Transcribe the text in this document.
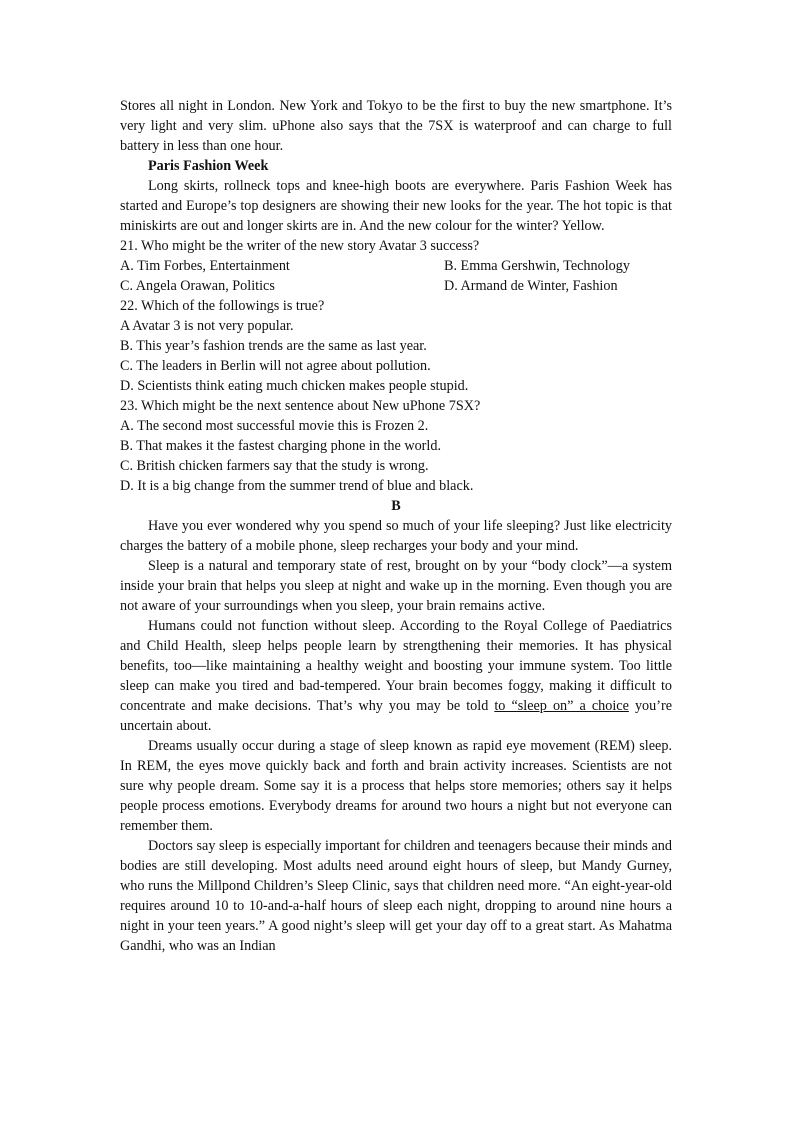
Stores all night in London. New York and Tokyo to be the first to buy the new smartphone. It’s very light and very slim. uPhone also says that the 7SX is waterproof and can charge to full battery in less than one hour.

Paris Fashion Week

Long skirts, rollneck tops and knee-high boots are everywhere. Paris Fashion Week has started and Europe’s top designers are showing their new looks for the year. The hot topic is that miniskirts are out and longer skirts are in. And the new colour for the winter? Yellow.

21. Who might be the writer of the new story Avatar 3 success?
A. Tim Forbes, Entertainment	B. Emma Gershwin, Technology
C. Angela Orawan, Politics	D. Armand de Winter, Fashion
22. Which of the followings is true?
A Avatar 3 is not very popular.
B. This year’s fashion trends are the same as last year.
C. The leaders in Berlin will not agree about pollution.
D. Scientists think eating much chicken makes people stupid.
23. Which might be the next sentence about New uPhone 7SX?
A. The second most successful movie this is Frozen 2.
B. That makes it the fastest charging phone in the world.
C. British chicken farmers say that the study is wrong.
D. It is a big change from the summer trend of blue and black.
B

Have you ever wondered why you spend so much of your life sleeping? Just like electricity charges the battery of a mobile phone, sleep recharges your body and your mind.

Sleep is a natural and temporary state of rest, brought on by your “body clock”—a system inside your brain that helps you sleep at night and wake up in the morning. Even though you are not aware of your surroundings when you sleep, your brain remains active.

Humans could not function without sleep. According to the Royal College of Paediatrics and Child Health, sleep helps people learn by strengthening their memories. It has physical benefits, too—like maintaining a healthy weight and boosting your immune system. Too little sleep can make you tired and bad-tempered. Your brain becomes foggy, making it difficult to concentrate and make decisions. That’s why you may be told to “sleep on” a choice you’re uncertain about.

Dreams usually occur during a stage of sleep known as rapid eye movement (REM) sleep. In REM, the eyes move quickly back and forth and brain activity increases. Scientists are not sure why people dream. Some say it is a process that helps store memories; others say it helps people process emotions. Everybody dreams for around two hours a night but not everyone can remember them.

Doctors say sleep is especially important for children and teenagers because their minds and bodies are still developing. Most adults need around eight hours of sleep, but Mandy Gurney, who runs the Millpond Children’s Sleep Clinic, says that children need more. “An eight-year-old requires around 10 to 10-and-a-half hours of sleep each night, dropping to around nine hours a night in your teen years.” A good night’s sleep will get your day off to a great start. As Mahatma Gandhi, who was an Indian
